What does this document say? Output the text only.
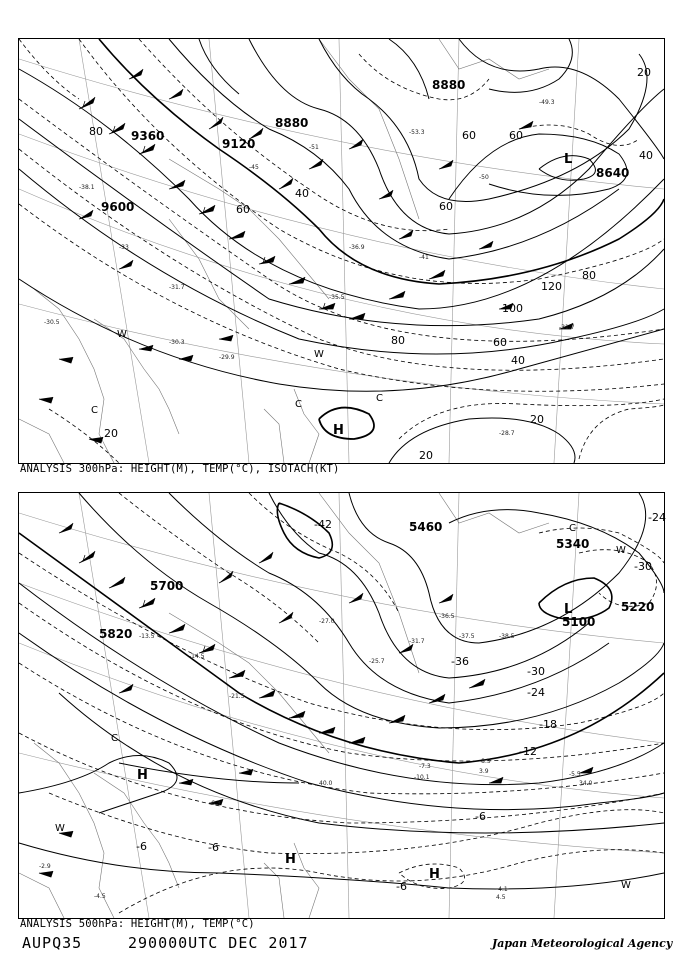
-38.1
-31.7
-30.5
-28.7
-30.3
-29.9
-33
-45
-51
-53.3
-41
-35.5
-36.9
-50
-31.7
-49.3
9600
9120
9360
8880
8880
8640
80
40
20
60
80
120
100
80	60
40
20
20
60
40
20
60	60
L
H
W
W
C
C
C
ANALYSIS 300hPa: HEIGHT(M), TEMP(°C), ISOTACH(KT)
-13.5
-14.5
-21.5
-27.0
-25.7
-31.7
-36.5
-37.5	-38.5
-8.5
-10.1
-6.3
-4.5
-4.1
4.5
3.9
34.0
40.0
-5.5
-7.3
-2.9
5700
5820
5460
5340
5220
5100
-24
-30
-30
-36
-24
-18
-12
-6
-6
-6
-6
-42
L
H
H
H
W
W
W
C
C
ANALYSIS 500hPa: HEIGHT(M), TEMP(°C)
AUPQ35	290000UTC DEC 2017	Japan Meteorological Agency
